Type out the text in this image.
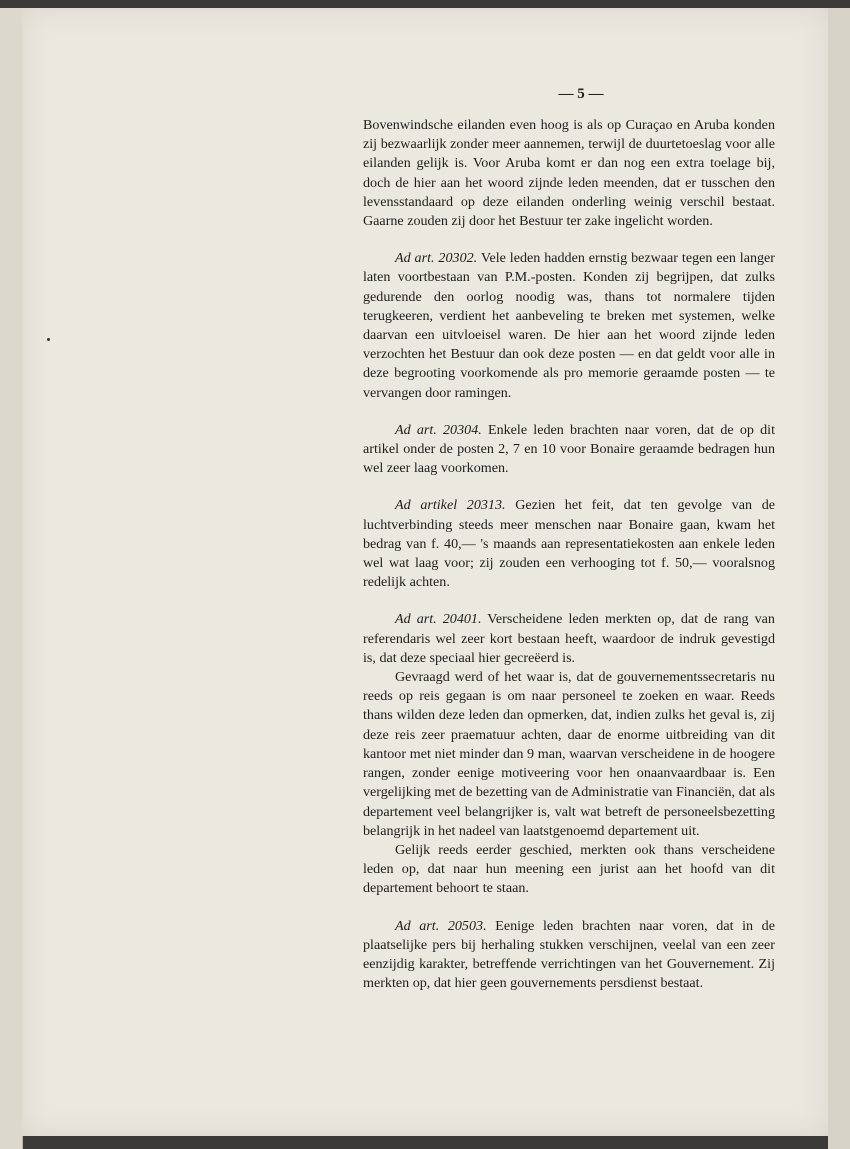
— 5 —

Bovenwindsche eilanden even hoog is als op Curaçao en Aruba konden zij bezwaarlijk zonder meer aannemen, terwijl de duurtetoeslag voor alle eilanden gelijk is. Voor Aruba komt er dan nog een extra toelage bij, doch de hier aan het woord zijnde leden meenden, dat er tusschen den levensstandaard op deze eilanden onderling weinig verschil bestaat. Gaarne zouden zij door het Bestuur ter zake ingelicht worden.

Ad art. 20302. Vele leden hadden ernstig bezwaar tegen een langer laten voortbestaan van P.M.-posten. Konden zij begrijpen, dat zulks gedurende den oorlog noodig was, thans tot normalere tijden terugkeeren, verdient het aanbeveling te breken met systemen, welke daarvan een uitvloeisel waren. De hier aan het woord zijnde leden verzochten het Bestuur dan ook deze posten — en dat geldt voor alle in deze begrooting voorkomende als pro memorie geraamde posten — te vervangen door ramingen.

Ad art. 20304. Enkele leden brachten naar voren, dat de op dit artikel onder de posten 2, 7 en 10 voor Bonaire geraamde bedragen hun wel zeer laag voorkomen.

Ad artikel 20313. Gezien het feit, dat ten gevolge van de luchtverbinding steeds meer menschen naar Bonaire gaan, kwam het bedrag van f. 40,— 's maands aan representatiekosten aan enkele leden wel wat laag voor; zij zouden een verhooging tot f. 50,— vooralsnog redelijk achten.

Ad art. 20401. Verscheidene leden merkten op, dat de rang van referendaris wel zeer kort bestaan heeft, waardoor de indruk gevestigd is, dat deze speciaal hier gecreëerd is.

Gevraagd werd of het waar is, dat de gouvernementssecretaris nu reeds op reis gegaan is om naar personeel te zoeken en waar. Reeds thans wilden deze leden dan opmerken, dat, indien zulks het geval is, zij deze reis zeer praematuur achten, daar de enorme uitbreiding van dit kantoor met niet minder dan 9 man, waarvan verscheidene in de hoogere rangen, zonder eenige motiveering voor hen onaanvaardbaar is. Een vergelijking met de bezetting van de Administratie van Financiën, dat als departement veel belangrijker is, valt wat betreft de personeelsbezetting belangrijk in het nadeel van laatstgenoemd departement uit.

Gelijk reeds eerder geschied, merkten ook thans verscheidene leden op, dat naar hun meening een jurist aan het hoofd van dit departement behoort te staan.

Ad art. 20503. Eenige leden brachten naar voren, dat in de plaatselijke pers bij herhaling stukken verschijnen, veelal van een zeer eenzijdig karakter, betreffende verrichtingen van het Gouvernement. Zij merkten op, dat hier geen gouvernements persdienst bestaat.
